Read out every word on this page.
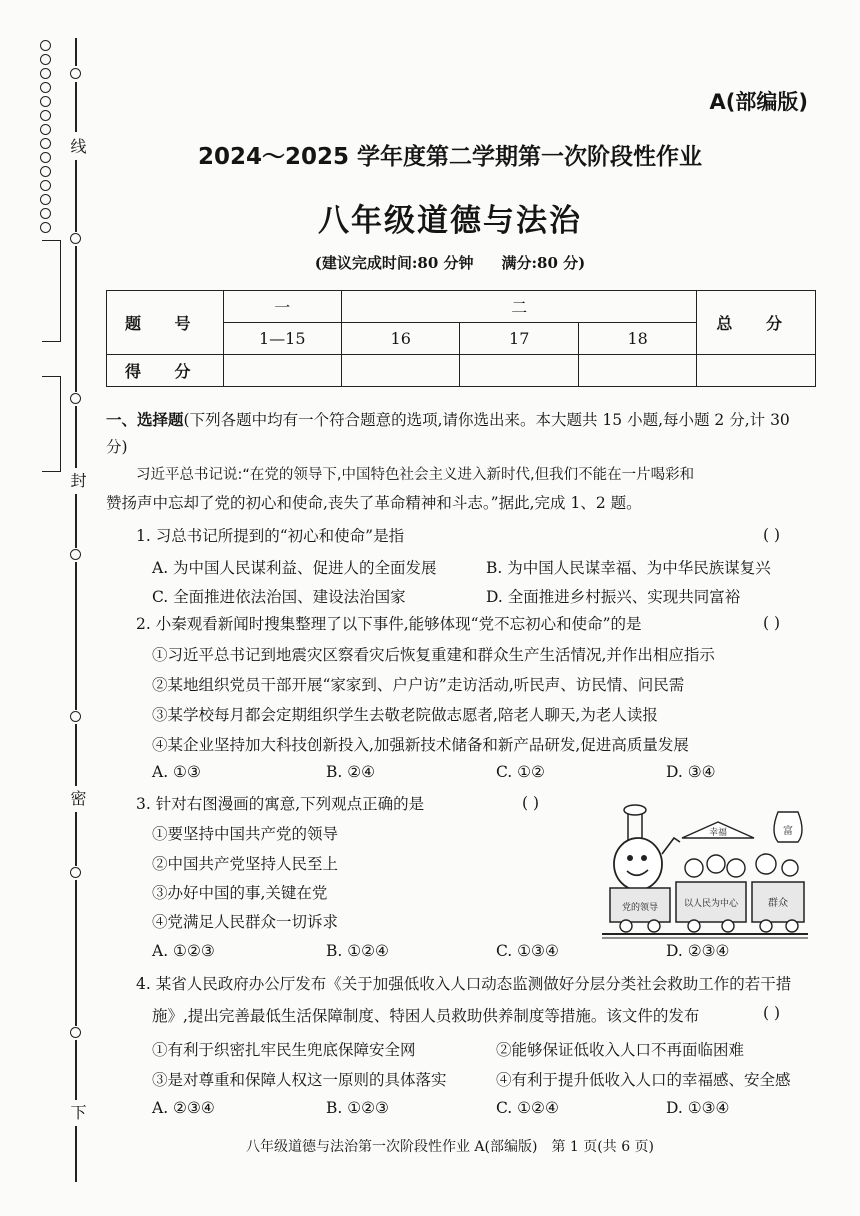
线
封
密
下
A(部编版)
2024～2025 学年度第二学期第一次阶段性作业
八年级道德与法治
(建议完成时间:80 分钟 满分:80 分)
题 号	一	二			总 分
	1—15	16	17	18	
得 分					
一、选择题(下列各题中均有一个符合题意的选项,请你选出来。本大题共 15 小题,每小题 2 分,计 30 分)
习近平总书记说:“在党的领导下,中国特色社会主义进入新时代,但我们不能在一片喝彩和
赞扬声中忘却了党的初心和使命,丧失了革命精神和斗志。”据此,完成 1、2 题。
1. 习总书记所提到的“初心和使命”是指	( )
A. 为中国人民谋利益、促进人的全面发展	B. 为中国人民谋幸福、为中华民族谋复兴
C. 全面推进依法治国、建设法治国家	D. 全面推进乡村振兴、实现共同富裕
2. 小秦观看新闻时搜集整理了以下事件,能够体现“党不忘初心和使命”的是	( )
①习近平总书记到地震灾区察看灾后恢复重建和群众生产生活情况,并作出相应指示
②某地组织党员干部开展“家家到、户户访”走访活动,听民声、访民情、问民需
③某学校每月都会定期组织学生去敬老院做志愿者,陪老人聊天,为老人读报
④某企业坚持加大科技创新投入,加强新技术储备和新产品研发,促进高质量发展
A. ①③	B. ②④	C. ①②	D. ③④
3. 针对右图漫画的寓意,下列观点正确的是	( )
①要坚持中国共产党的领导
②中国共产党坚持人民至上
③办好中国的事,关键在党
④党满足人民群众一切诉求
A. ①②③	B. ①②④	C. ①③④	D. ②③④
党的领导	以人民为中心	群众
幸福	富
4. 某省人民政府办公厅发布《关于加强低收入人口动态监测做好分层分类社会救助工作的若干措
施》,提出完善最低生活保障制度、特困人员救助供养制度等措施。该文件的发布	( )
①有利于织密扎牢民生兜底保障安全网	②能够保证低收入人口不再面临困难
③是对尊重和保障人权这一原则的具体落实	④有利于提升低收入人口的幸福感、安全感
A. ②③④	B. ①②③	C. ①②④	D. ①③④
八年级道德与法治第一次阶段性作业 A(部编版) 第 1 页(共 6 页)
